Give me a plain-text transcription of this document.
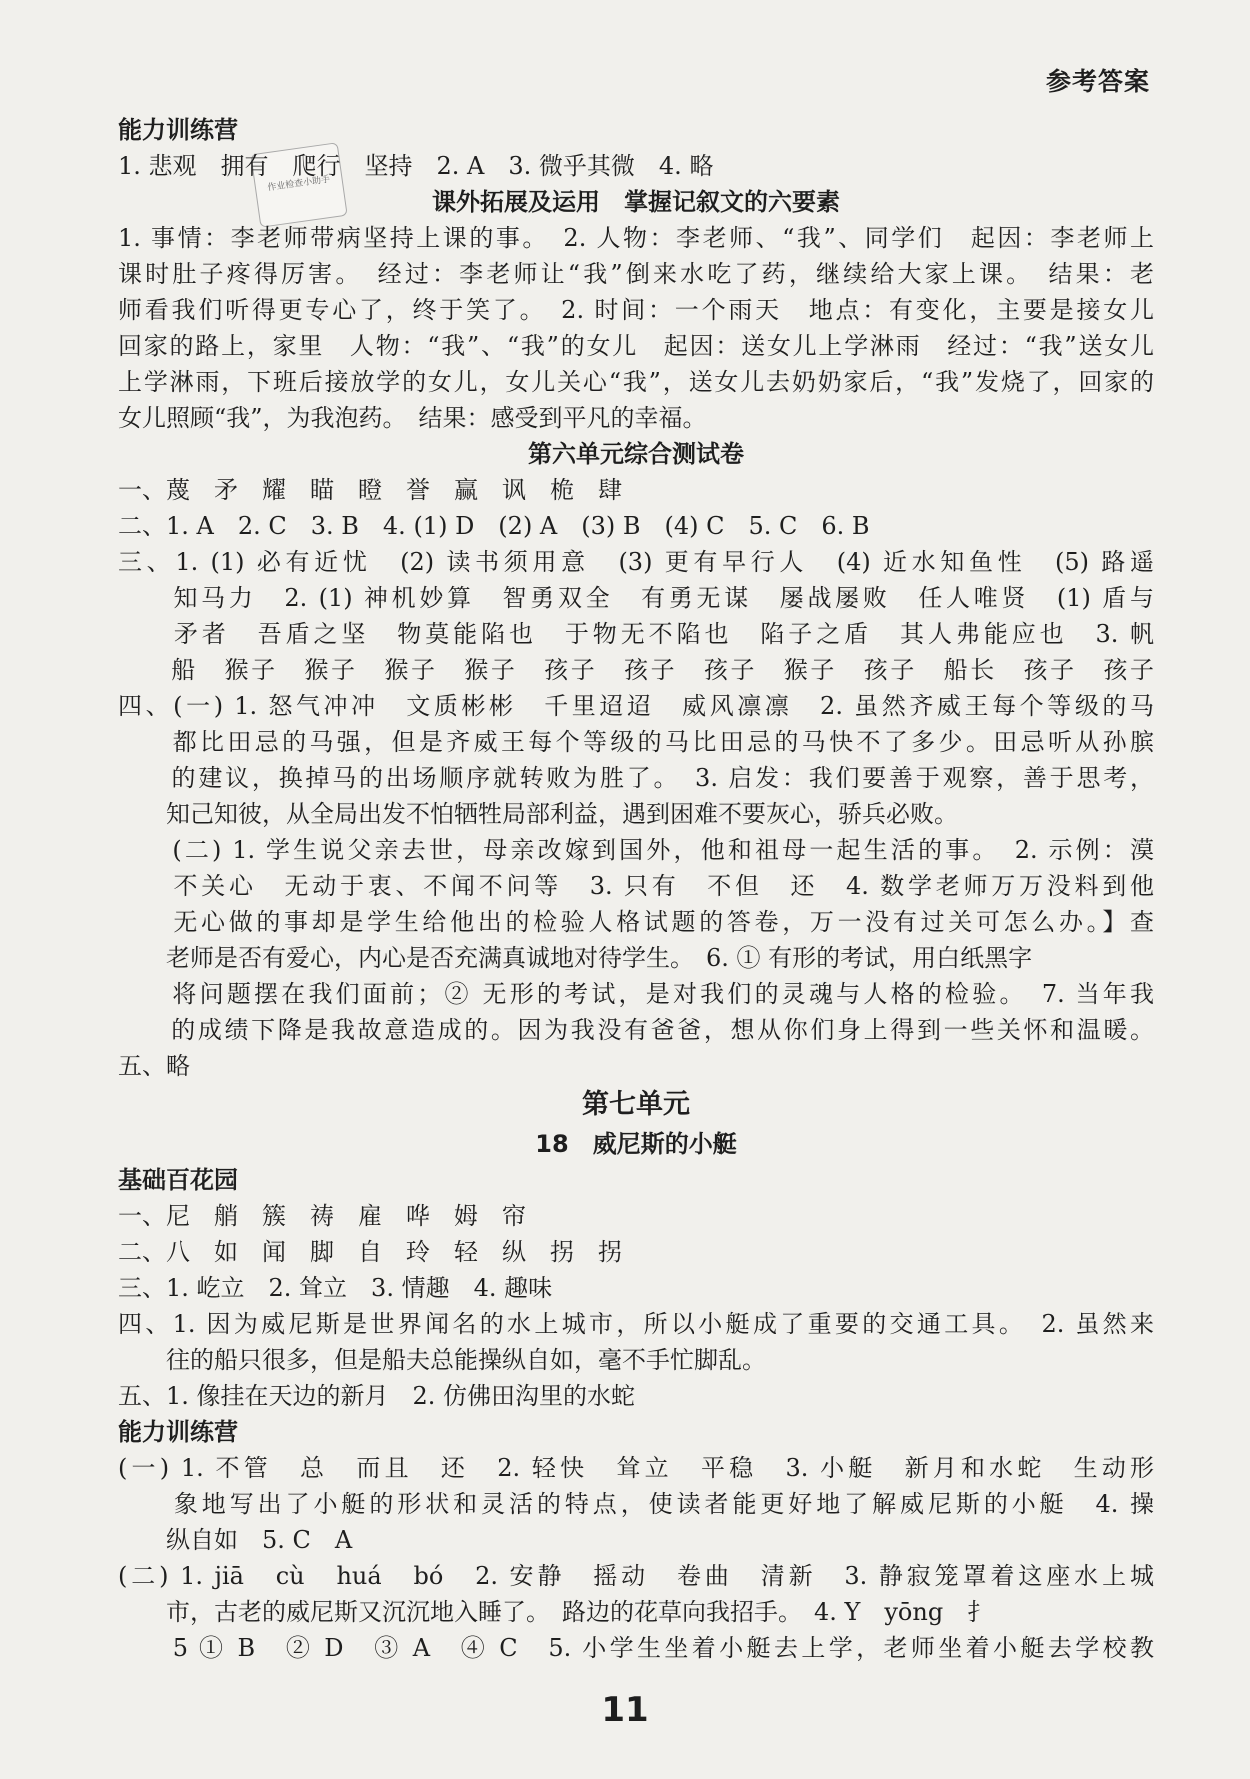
参考答案
作业检查小助手
能力训练营
1. 悲观　拥有　爬行　坚持　2. A　3. 微乎其微　4. 略
课外拓展及运用　掌握记叙文的六要素
1. 事情：李老师带病坚持上课的事。　2. 人物：李老师、“我”、同学们　起因：李老师上
课时肚子疼得厉害。　经过：李老师让“我”倒来水吃了药，继续给大家上课。　结果：老
师看我们听得更专心了，终于笑了。　2. 时间：一个雨天　地点：有变化，主要是接女儿
回家的路上，家里　人物：“我”、“我”的女儿　起因：送女儿上学淋雨　经过：“我”送女儿
上学淋雨，下班后接放学的女儿，女儿关心“我”，送女儿去奶奶家后，“我”发烧了，回家的
女儿照顾“我”，为我泡药。　结果：感受到平凡的幸福。
第六单元综合测试卷
一、蔑　矛　耀　瞄　瞪　誉　赢　讽　桅　肆
二、1. A　2. C　3. B　4. (1) D　(2) A　(3) B　(4) C　5. C　6. B
三、1. (1) 必有近忧　(2) 读书须用意　(3) 更有早行人　(4) 近水知鱼性　(5) 路遥
　　知马力　2. (1) 神机妙算　智勇双全　有勇无谋　屡战屡败　任人唯贤　(1) 盾与
　　矛者　吾盾之坚　物莫能陷也　于物无不陷也　陷子之盾　其人弗能应也　3. 帆
　　船　猴子　猴子　猴子　猴子　孩子　孩子　孩子　猴子　孩子　船长　孩子　孩子
四、(一) 1. 怒气冲冲　文质彬彬　千里迢迢　威风凛凛　2. 虽然齐威王每个等级的马
　　都比田忌的马强，但是齐威王每个等级的马比田忌的马快不了多少。田忌听从孙膑
　　的建议，换掉马的出场顺序就转败为胜了。　3. 启发：我们要善于观察，善于思考，
　　知己知彼，从全局出发不怕牺牲局部利益，遇到困难不要灰心，骄兵必败。
　　(二) 1. 学生说父亲去世，母亲改嫁到国外，他和祖母一起生活的事。　2. 示例：漠
　　不关心　无动于衷、不闻不问等　3. 只有　不但　还　4. 数学老师万万没料到他
　　无心做的事却是学生给他出的检验人格试题的答卷，万一没有过关可怎么办。】查
　　老师是否有爱心，内心是否充满真诚地对待学生。　6. ① 有形的考试，用白纸黑字
　　将问题摆在我们面前；② 无形的考试，是对我们的灵魂与人格的检验。　7. 当年我
　　的成绩下降是我故意造成的。因为我没有爸爸，想从你们身上得到一些关怀和温暖。
五、略
第七单元
18　威尼斯的小艇
基础百花园
一、尼　艄　簇　祷　雇　哗　姆　帘
二、八　如　闻　脚　自　玲　轻　纵　拐　拐
三、1. 屹立　2. 耸立　3. 情趣　4. 趣味
四、1. 因为威尼斯是世界闻名的水上城市，所以小艇成了重要的交通工具。　2. 虽然来
　　往的船只很多，但是船夫总能操纵自如，毫不手忙脚乱。
五、1. 像挂在天边的新月　2. 仿佛田沟里的水蛇
能力训练营
(一) 1. 不管　总　而且　还　2. 轻快　耸立　平稳　3. 小艇　新月和水蛇　生动形
　　象地写出了小艇的形状和灵活的特点，使读者能更好地了解威尼斯的小艇　4. 操
　　纵自如　5. C　A
(二) 1. jiā　cù　huá　bó　2. 安静　摇动　卷曲　清新　3. 静寂笼罩着这座水上城
　　市，古老的威尼斯又沉沉地入睡了。　路边的花草向我招手。　4. Y　yōng　扌
　　5 ① B　② D　③ A　④ C　5. 小学生坐着小艇去上学，老师坐着小艇去学校教
11
